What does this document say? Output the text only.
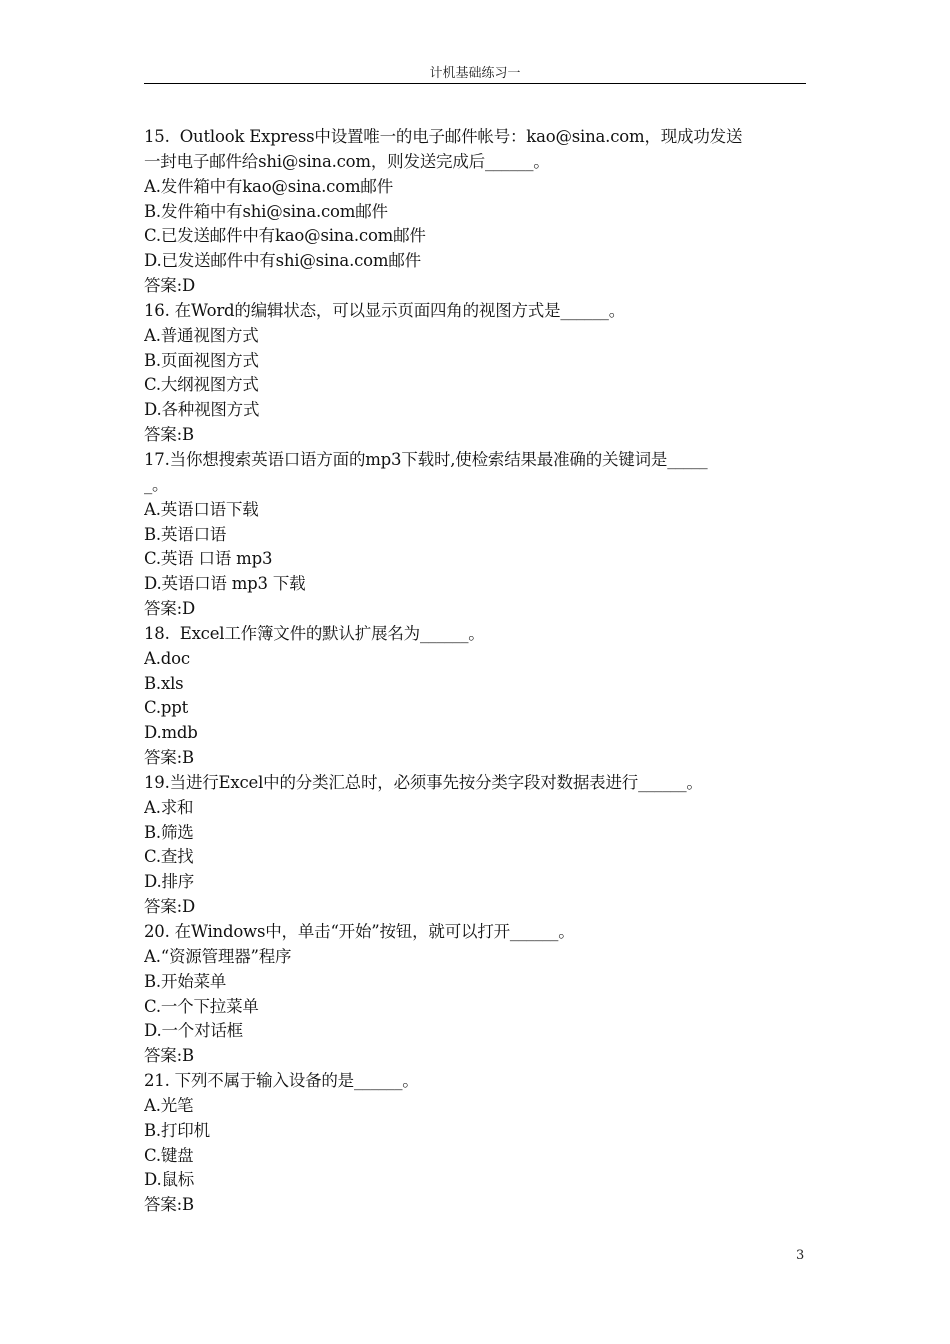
计机基础练习一
15.  Outlook Express中设置唯一的电子邮件帐号：kao@sina.com，现成功发送
一封电子邮件给shi@sina.com，则发送完成后______。
A.发件箱中有kao@sina.com邮件
B.发件箱中有shi@sina.com邮件
C.已发送邮件中有kao@sina.com邮件
D.已发送邮件中有shi@sina.com邮件
答案:D
16. 在Word的编辑状态，可以显示页面四角的视图方式是______。
A.普通视图方式
B.页面视图方式
C.大纲视图方式
D.各种视图方式
答案:B
17.当你想搜索英语口语方面的mp3下载时,使检索结果最准确的关键词是_____
_。
A.英语口语下载
B.英语口语
C.英语 口语 mp3
D.英语口语 mp3 下载
答案:D
18.  Excel工作簿文件的默认扩展名为______。
A.doc
B.xls
C.ppt
D.mdb
答案:B
19.当进行Excel中的分类汇总时，必须事先按分类字段对数据表进行______。
A.求和
B.筛选
C.查找
D.排序
答案:D
20. 在Windows中，单击“开始”按钮，就可以打开______。
A.“资源管理器”程序
B.开始菜单
C.一个下拉菜单
D.一个对话框
答案:B
21. 下列不属于输入设备的是______。
A.光笔
B.打印机
C.键盘
D.鼠标
答案:B
3
